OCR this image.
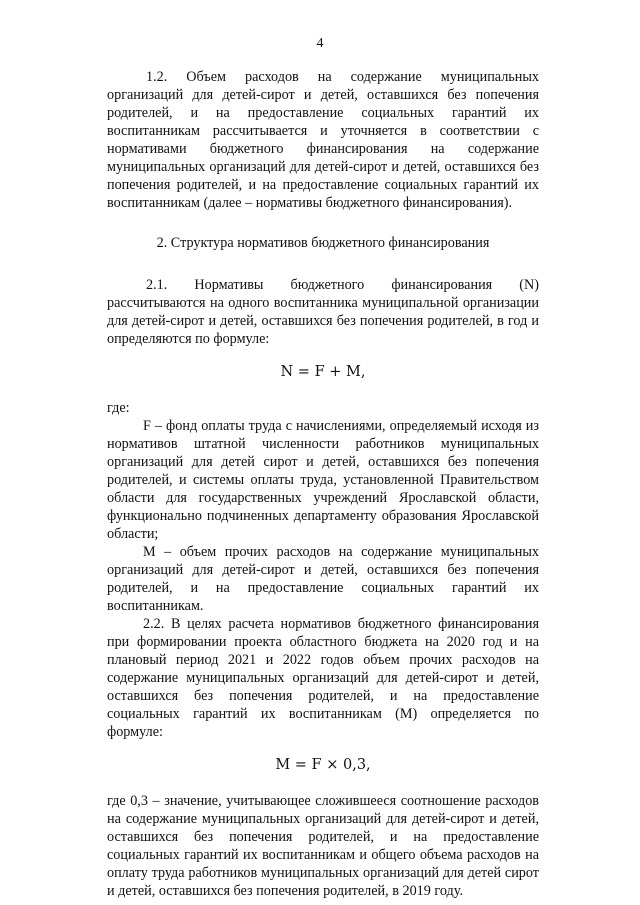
4

1.2. Объем расходов на содержание муниципальных организаций для детей-сирот и детей, оставшихся без попечения родителей, и на предоставление социальных гарантий их воспитанникам рассчитывается и уточняется в соответствии с нормативами бюджетного финансирования на содержание муниципальных организаций для детей-сирот и детей, оставшихся без попечения родителей, и на предоставление социальных гарантий их воспитанникам (далее – нормативы бюджетного финансирования).

2. Структура нормативов бюджетного финансирования

2.1. Нормативы бюджетного финансирования (N) рассчитываются на одного воспитанника муниципальной организации для детей-сирот и детей, оставшихся без попечения родителей, в год и определяются по формуле:

N = F + M,

где:

F – фонд оплаты труда с начислениями, определяемый исходя из нормативов штатной численности работников муниципальных организаций для детей сирот и детей, оставшихся без попечения родителей, и системы оплаты труда, установленной Правительством области для государственных учреждений Ярославской области, функционально подчиненных департаменту образования Ярославской области;

M – объем прочих расходов на содержание муниципальных организаций для детей-сирот и детей, оставшихся без попечения родителей, и на предоставление социальных гарантий их воспитанникам.

2.2. В целях расчета нормативов бюджетного финансирования при формировании проекта областного бюджета на 2020 год и на плановый период 2021 и 2022 годов объем прочих расходов на содержание муниципальных организаций для детей-сирот и детей, оставшихся без попечения родителей, и на предоставление социальных гарантий их воспитанникам (M) определяется по формуле:

M = F × 0,3,

где 0,3 – значение, учитывающее сложившееся соотношение расходов на содержание муниципальных организаций для детей-сирот и детей, оставшихся без попечения родителей, и на предоставление социальных гарантий их воспитанникам и общего объема расходов на оплату труда работников муниципальных организаций для детей сирот и детей, оставшихся без попечения родителей, в 2019 году.
